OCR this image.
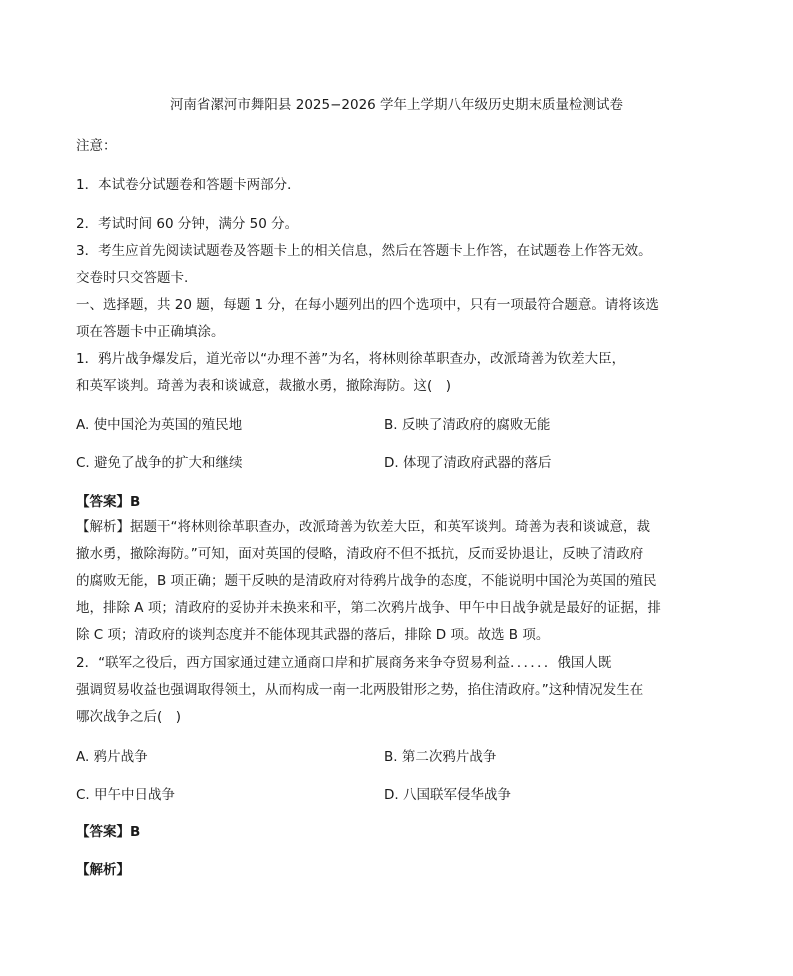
河南省漯河市舞阳县 2025−2026 学年上学期八年级历史期末质量检测试卷
注意：
1．本试卷分试题卷和答题卡两部分．
2．考试时间 60 分钟，满分 50 分。
3．考生应首先阅读试题卷及答题卡上的相关信息，然后在答题卡上作答，在试题卷上作答无效。
交卷时只交答题卡.
一、选择题，共 20 题，每题 1 分，在每小题列出的四个选项中，只有一项最符合题意。请将该选
项在答题卡中正确填涂。
1．鸦片战争爆发后，道光帝以“办理不善”为名，将林则徐革职查办，改派琦善为钦差大臣，
和英军谈判。琦善为表和谈诚意，裁撤水勇，撤除海防。这(　)
A. 使中国沦为英国的殖民地	B. 反映了清政府的腐败无能
C. 避免了战争的扩大和继续	D. 体现了清政府武器的落后
【答案】B
【解析】据题干“将林则徐革职查办，改派琦善为钦差大臣，和英军谈判。琦善为表和谈诚意，裁
撤水勇，撤除海防。”可知，面对英国的侵略，清政府不但不抵抗，反而妥协退让，反映了清政府
的腐败无能，B 项正确；题干反映的是清政府对待鸦片战争的态度，不能说明中国沦为英国的殖民
地，排除 A 项；清政府的妥协并未换来和平，第二次鸦片战争、甲午中日战争就是最好的证据，排
除 C 项；清政府的谈判态度并不能体现其武器的落后，排除 D 项。故选 B 项。
2．“联军之役后，西方国家通过建立通商口岸和扩展商务来争夺贸易利益．．．．．．俄国人既
强调贸易收益也强调取得领土，从而构成一南一北两股钳形之势，掐住清政府。”这种情况发生在
哪次战争之后(　)
A. 鸦片战争	B. 第二次鸦片战争
C. 甲午中日战争	D. 八国联军侵华战争
【答案】B
【解析】
